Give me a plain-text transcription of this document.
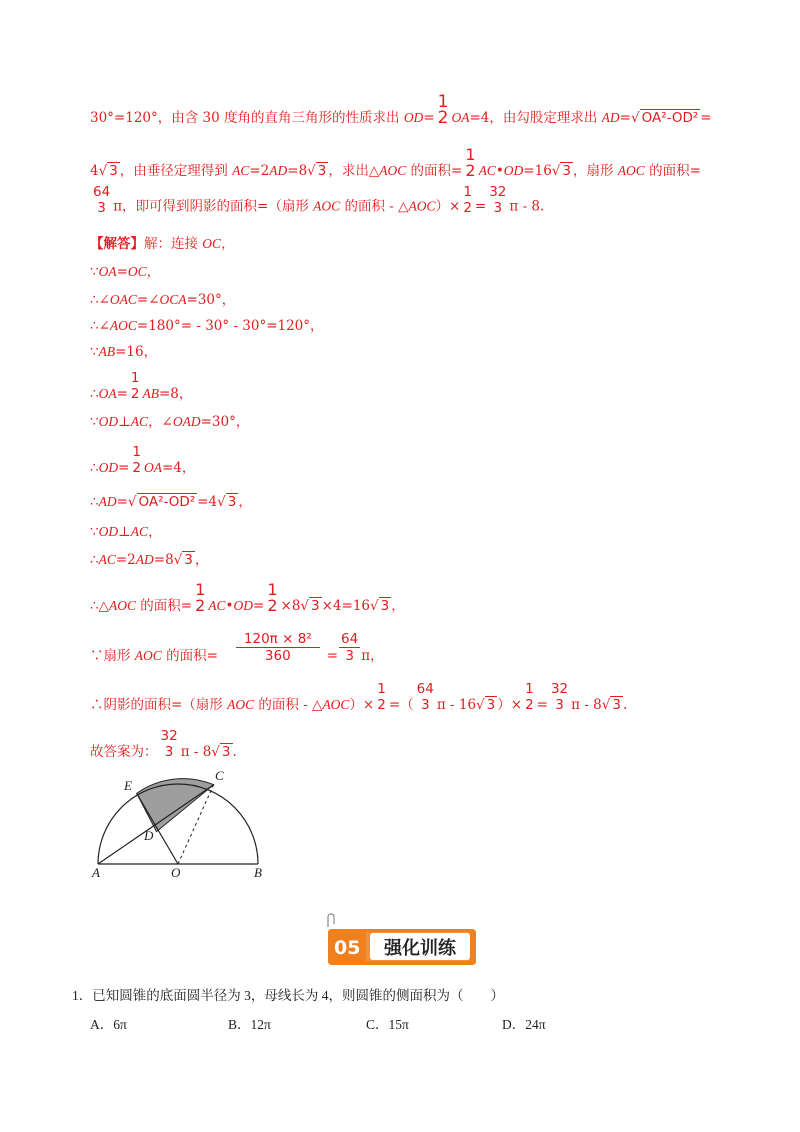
30°=120°，由含 30 度角的直角三角形的性质求出 OD=
1
2 OA=4，由勾股定理求出 AD=√ OA²-OD² =
4√ 3 ，由垂径定理得到 AC=2AD=8√ 3 ，求出△AOC 的面积=
1
2 AC•OD=16√ 3 ，扇形 AOC 的面积=
64
3 π，即可得到阴影的面积=（扇形 AOC 的面积 - △AOC）×
1
2 =
32
3 π - 8.
【解答】解：连接 OC，
∵OA=OC，
∴∠OAC=∠OCA=30°，
∴∠AOC=180°= - 30° - 30°=120°，
∵AB=16，
∴OA=
1
2 AB=8，
∵OD⊥AC，∠OAD=30°，
∴OD=
1
2 OA=4，
∴AD=√ OA²-OD² =4√ 3 ，
∵OD⊥AC，
∴AC=2AD=8√ 3 ，
∴△AOC 的面积=
1
2 AC•OD=
1
2 ×8√ 3 ×4=16√ 3 ，
∵扇形 AOC 的面积= $\frac{\text{120π × 8²}}{360} = \frac{64}{3}$ π，
∴阴影的面积=（扇形 AOC 的面积 - △AOC）×
1
2 =（
64
3 π - 16√ 3 ）×
1
2 =
32
3 π - 8√ 3 .
故答案为：
32
3 π - 8√ 3 .
E
C
D
A	O	B
05 强化训练
1．已知圆锥的底面圆半径为 3，母线长为 4，则圆锥的侧面积为（　　）
A．6π	B．12π	C．15π	D．24π
